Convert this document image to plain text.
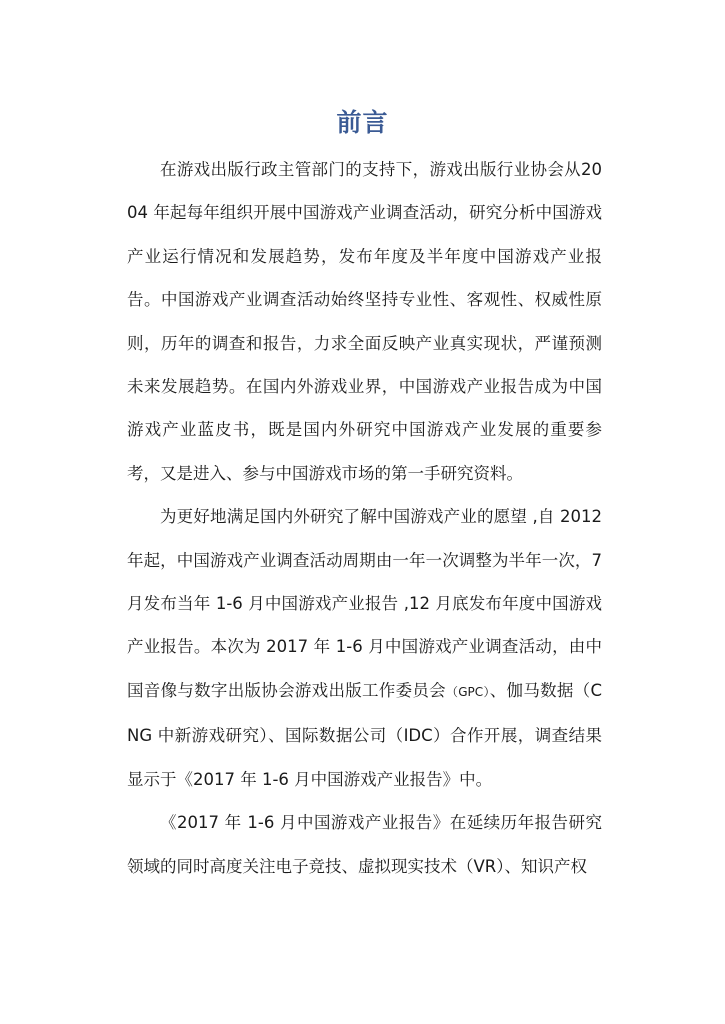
前言

在游戏出版行政主管部门的支持下，游戏出版行业协会从2004 年起每年组织开展中国游戏产业调查活动，研究分析中国游戏产业运行情况和发展趋势，发布年度及半年度中国游戏产业报告。中国游戏产业调查活动始终坚持专业性、客观性、权威性原则，历年的调查和报告，力求全面反映产业真实现状，严谨预测未来发展趋势。在国内外游戏业界，中国游戏产业报告成为中国游戏产业蓝皮书，既是国内外研究中国游戏产业发展的重要参考，又是进入、参与中国游戏市场的第一手研究资料。

为更好地满足国内外研究了解中国游戏产业的愿望 ,自 2012 年起，中国游戏产业调查活动周期由一年一次调整为半年一次，7 月发布当年 1-6 月中国游戏产业报告 ,12 月底发布年度中国游戏产业报告。本次为 2017 年 1-6 月中国游戏产业调查活动，由中国音像与数字出版协会游戏出版工作委员会（GPC）、伽马数据（CNG 中新游戏研究）、国际数据公司（IDC）合作开展，调查结果显示于《2017 年 1-6 月中国游戏产业报告》中。

《2017 年 1-6 月中国游戏产业报告》在延续历年报告研究领域的同时高度关注电子竞技、虚拟现实技术（VR）、知识产权
